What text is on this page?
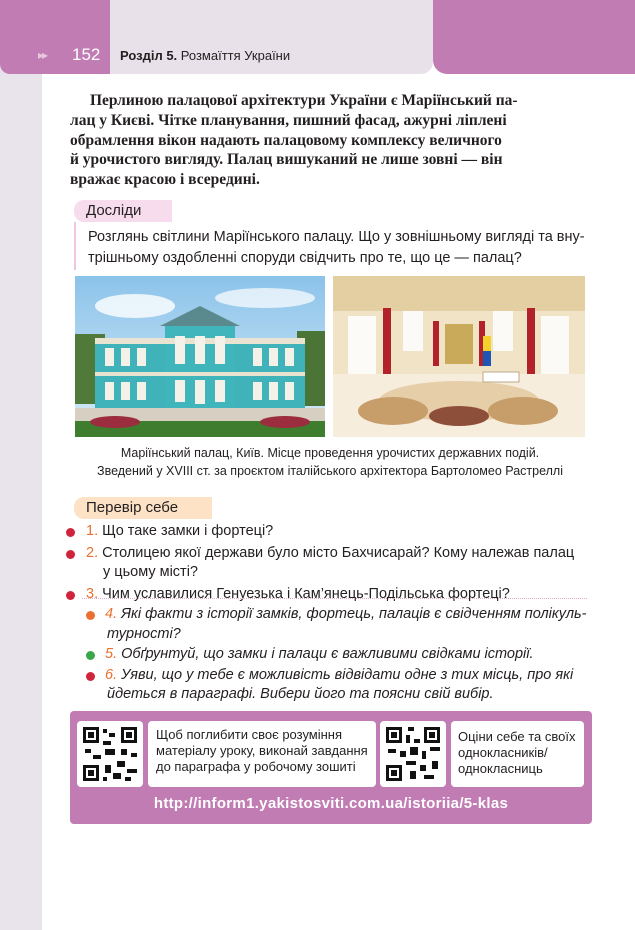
▸▸ 152 Розділ 5. Розмаїття України

Перлиною палацової архітектури України є Маріїнський па-

лац у Києві. Чітке планування, пишний фасад, ажурні ліплені

обрамлення вікон надають палацовому комплексу величного

й урочистого вигляду. Палац вишуканий не лише зовні — він

вражає красою і всередині.

Досліди
Розглянь світлини Маріїнського палацу. Що у зовнішньому вигляді та вну-
трішньому оздобленні споруди свідчить про те, що це — палац?
Маріїнський палац, Київ. Місце проведення урочистих державних подій.
Зведений у XVIII ст. за проєктом італійського архітектора Бартоломео Растреллі
Перевір себе
1. Що таке замки і фортеці?
2. Столицею якої держави було місто Бахчисарай? Кому належав палац
у цьому місті?
3. Чим уславилися Генуезька і Кам’янець-Подільська фортеці?
4. Які факти з історії замків, фортець, палаців є свідченням полікуль-
турності?
5. Обґрунтуй, що замки і палаци є важливими свідками історії.
6. Уяви, що у тебе є можливість відвідати одне з тих місць, про які
йдеться в параграфі. Вибери його та поясни свій вибір.
Щоб поглибити своє розуміння
матеріалу уроку, виконай завдання
до параграфа у робочому зошиті
Оціни себе та своїх
однокласників/
однокласниць
http://inform1.yakistosviti.com.ua/istoriia/5-klas
